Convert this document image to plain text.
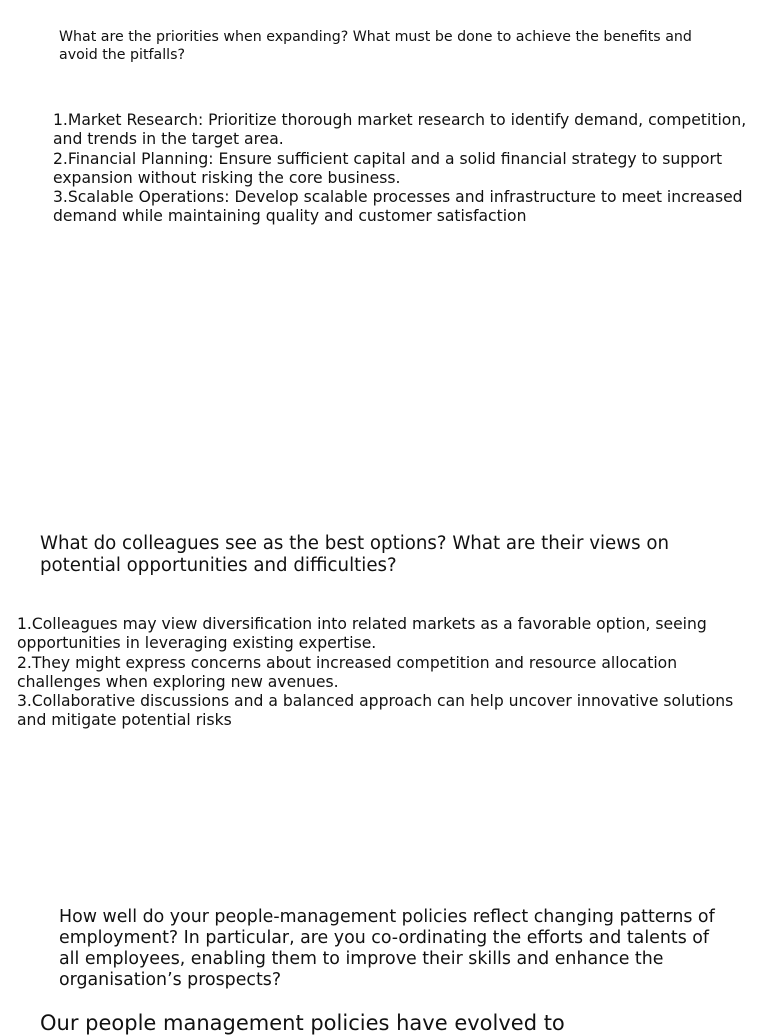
What are the priorities when expanding? What must be done to achieve the benefits and avoid the pitfalls?
1.Market Research: Prioritize thorough market research to identify demand, competition, and trends in the target area.
2.Financial Planning: Ensure sufficient capital and a solid financial strategy to support expansion without risking the core business.
3.Scalable Operations: Develop scalable processes and infrastructure to meet increased demand while maintaining quality and customer satisfaction
What do colleagues see as the best options? What are their views on potential opportunities and difficulties?
1.Colleagues may view diversification into related markets as a favorable option, seeing opportunities in leveraging existing expertise.
2.They might express concerns about increased competition and resource allocation challenges when exploring new avenues.
3.Collaborative discussions and a balanced approach can help uncover innovative solutions and mitigate potential risks
How well do your people-management policies reflect changing patterns of employment? In particular, are you co-ordinating the efforts and talents of all employees, enabling them to improve their skills and enhance the organisation’s prospects?
Our people management policies have evolved to
